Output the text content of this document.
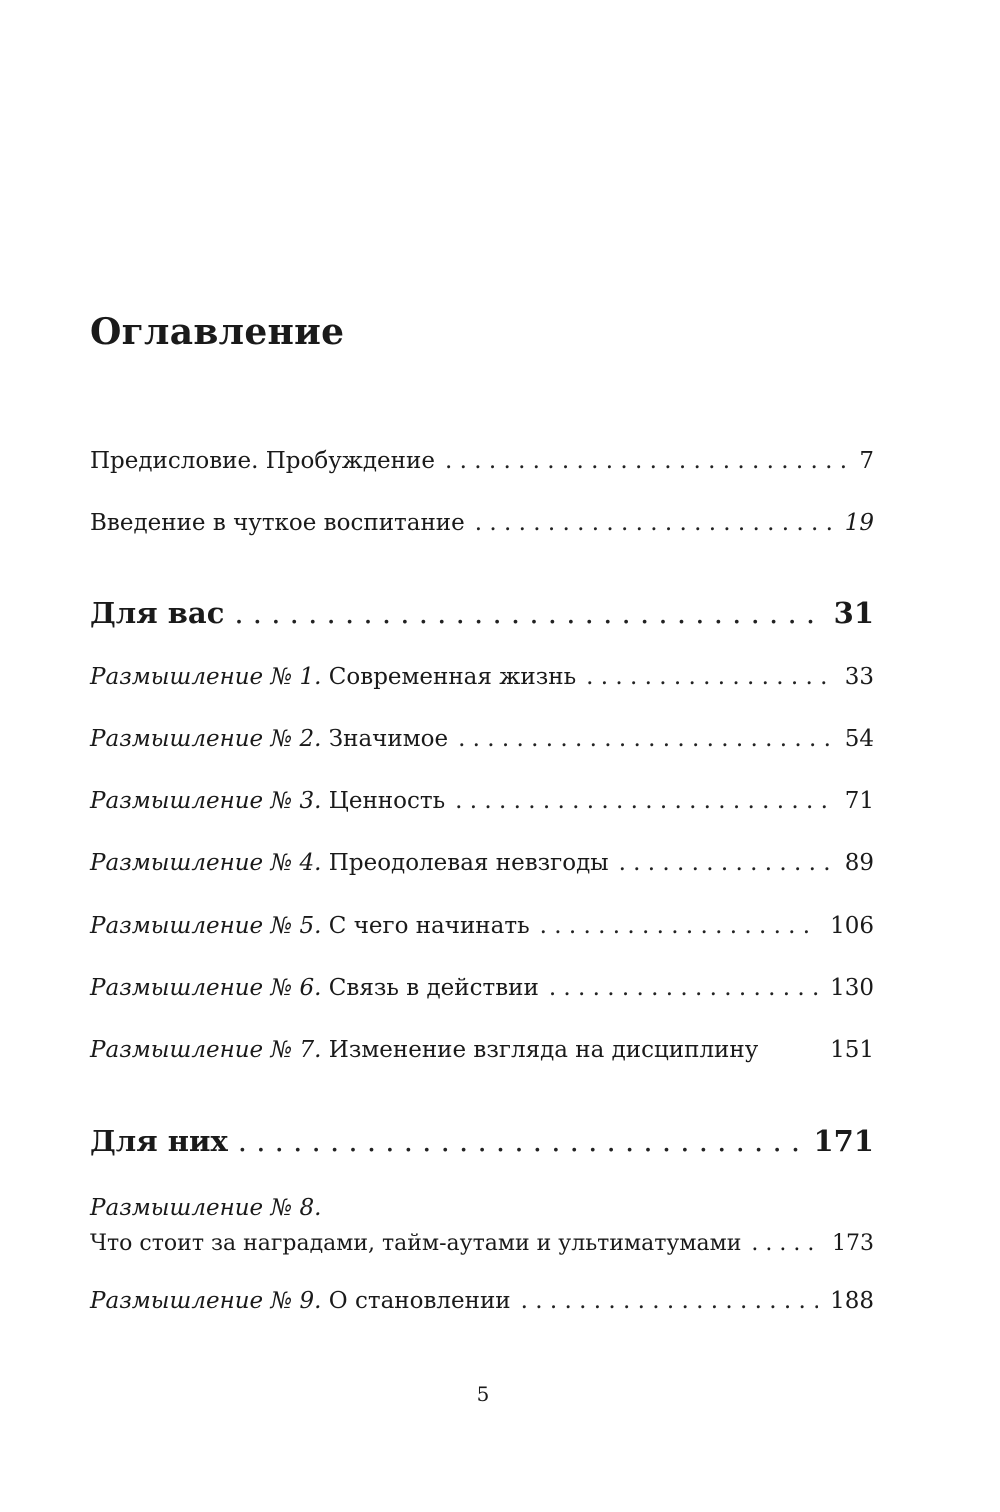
Оглавление
Предисловие. Пробуждение . . .	7
Введение в чуткое воспитание . . .	19
Для вас . . .	31
Размышление № 1. Современная жизнь . . .	33
Размышление № 2. Значимое . . .	54
Размышление № 3. Ценность . . .	71
Размышление № 4. Преодолевая невзгоды . . .	89
Размышление № 5. С чего начинать . . .	106
Размышление № 6. Связь в действии . . .	130
Размышление № 7. Изменение взгляда на дисциплину	151
Для них . . .	171
Размышление № 8.
Что стоит за наградами, тайм-аутами и ультиматумами . . .	173
Размышление № 9. О становлении . . .	188
5
